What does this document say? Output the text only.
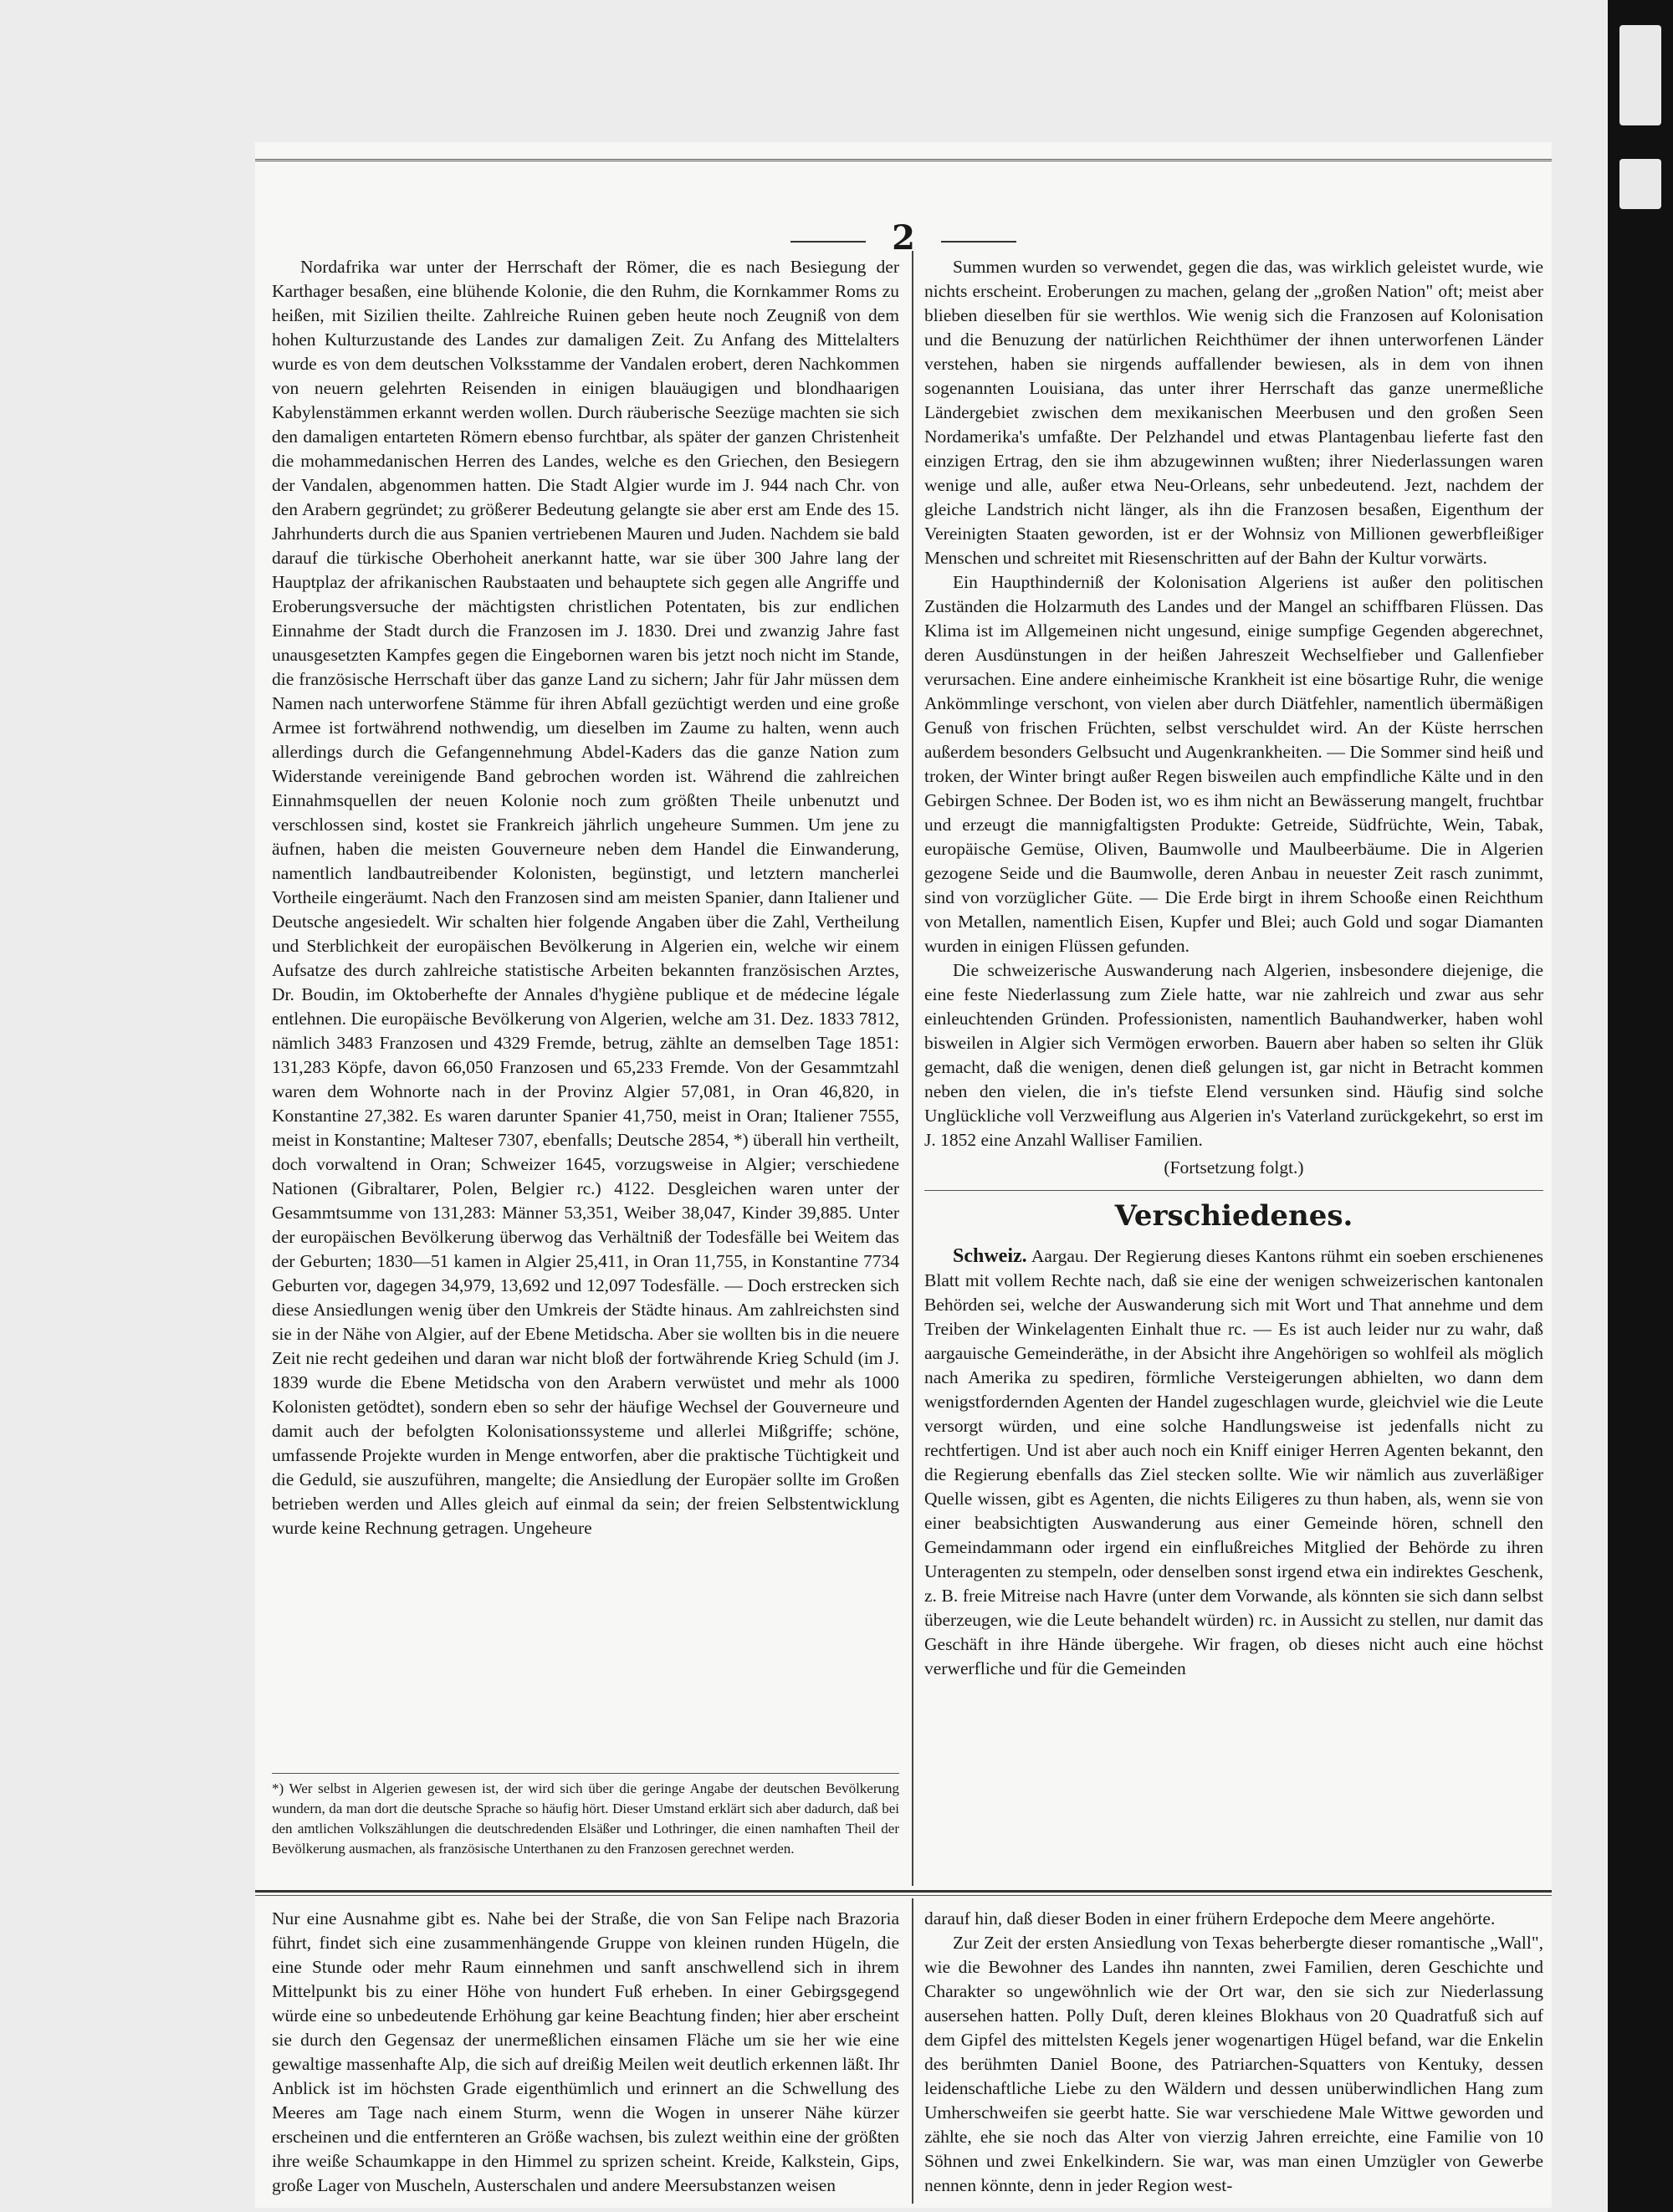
2

Nordafrika war unter der Herrschaft der Römer, die es nach Besiegung der Karthager besaßen, eine blühende Kolonie, die den Ruhm, die Kornkammer Roms zu heißen, mit Sizilien theilte. Zahlreiche Ruinen geben heute noch Zeugniß von dem hohen Kulturzustande des Landes zur damaligen Zeit. Zu Anfang des Mittelalters wurde es von dem deutschen Volksstamme der Vandalen erobert, deren Nachkommen von neuern gelehrten Reisenden in einigen blauäugigen und blondhaarigen Kabylenstämmen erkannt werden wollen. Durch räuberische Seezüge machten sie sich den damaligen entarteten Römern ebenso furchtbar, als später der ganzen Christenheit die mohammedanischen Herren des Landes, welche es den Griechen, den Besiegern der Vandalen, abgenommen hatten. Die Stadt Algier wurde im J. 944 nach Chr. von den Arabern gegründet; zu größerer Bedeutung gelangte sie aber erst am Ende des 15. Jahrhunderts durch die aus Spanien vertriebenen Mauren und Juden. Nachdem sie bald darauf die türkische Oberhoheit anerkannt hatte, war sie über 300 Jahre lang der Hauptplaz der afrikanischen Raubstaaten und behauptete sich gegen alle Angriffe und Eroberungsversuche der mächtigsten christlichen Potentaten, bis zur endlichen Einnahme der Stadt durch die Franzosen im J. 1830. Drei und zwanzig Jahre fast unausgesetzten Kampfes gegen die Eingebornen waren bis jetzt noch nicht im Stande, die französische Herrschaft über das ganze Land zu sichern; Jahr für Jahr müssen dem Namen nach unterworfene Stämme für ihren Abfall gezüchtigt werden und eine große Armee ist fortwährend nothwendig, um dieselben im Zaume zu halten, wenn auch allerdings durch die Gefangennehmung Abdel-Kaders das die ganze Nation zum Widerstande vereinigende Band gebrochen worden ist. Während die zahlreichen Einnahmsquellen der neuen Kolonie noch zum größten Theile unbenutzt und verschlossen sind, kostet sie Frankreich jährlich ungeheure Summen. Um jene zu äufnen, haben die meisten Gouverneure neben dem Handel die Einwanderung, namentlich landbautreibender Kolonisten, begünstigt, und letztern mancherlei Vortheile eingeräumt. Nach den Franzosen sind am meisten Spanier, dann Italiener und Deutsche angesiedelt. Wir schalten hier folgende Angaben über die Zahl, Vertheilung und Sterblichkeit der europäischen Bevölkerung in Algerien ein, welche wir einem Aufsatze des durch zahlreiche statistische Arbeiten bekannten französischen Arztes, Dr. Boudin, im Oktoberhefte der Annales d'hygiène publique et de médecine légale entlehnen. Die europäische Bevölkerung von Algerien, welche am 31. Dez. 1833 7812, nämlich 3483 Franzosen und 4329 Fremde, betrug, zählte an demselben Tage 1851: 131,283 Köpfe, davon 66,050 Franzosen und 65,233 Fremde. Von der Gesammtzahl waren dem Wohnorte nach in der Provinz Algier 57,081, in Oran 46,820, in Konstantine 27,382. Es waren darunter Spanier 41,750, meist in Oran; Italiener 7555, meist in Konstantine; Malteser 7307, ebenfalls; Deutsche 2854, *) überall hin vertheilt, doch vorwaltend in Oran; Schweizer 1645, vorzugsweise in Algier; verschiedene Nationen (Gibraltarer, Polen, Belgier rc.) 4122. Desgleichen waren unter der Gesammtsumme von 131,283: Männer 53,351, Weiber 38,047, Kinder 39,885. Unter der europäischen Bevölkerung überwog das Verhältniß der Todesfälle bei Weitem das der Geburten; 1830—51 kamen in Algier 25,411, in Oran 11,755, in Konstantine 7734 Geburten vor, dagegen 34,979, 13,692 und 12,097 Todesfälle. — Doch erstrecken sich diese Ansiedlungen wenig über den Umkreis der Städte hinaus. Am zahlreichsten sind sie in der Nähe von Algier, auf der Ebene Metidscha. Aber sie wollten bis in die neuere Zeit nie recht gedeihen und daran war nicht bloß der fortwährende Krieg Schuld (im J. 1839 wurde die Ebene Metidscha von den Arabern verwüstet und mehr als 1000 Kolonisten getödtet), sondern eben so sehr der häufige Wechsel der Gouverneure und damit auch der befolgten Kolonisationssysteme und allerlei Mißgriffe; schöne, umfassende Projekte wurden in Menge entworfen, aber die praktische Tüchtigkeit und die Geduld, sie auszuführen, mangelte; die Ansiedlung der Europäer sollte im Großen betrieben werden und Alles gleich auf einmal da sein; der freien Selbstentwicklung wurde keine Rechnung getragen. Ungeheure

*) Wer selbst in Algerien gewesen ist, der wird sich über die geringe Angabe der deutschen Bevölkerung wundern, da man dort die deutsche Sprache so häufig hört. Dieser Umstand erklärt sich aber dadurch, daß bei den amtlichen Volkszählungen die deutschredenden Elsäßer und Lothringer, die einen namhaften Theil der Bevölkerung ausmachen, als französische Unterthanen zu den Franzosen gerechnet werden.

Summen wurden so verwendet, gegen die das, was wirklich geleistet wurde, wie nichts erscheint. Eroberungen zu machen, gelang der „großen Nation" oft; meist aber blieben dieselben für sie werthlos. Wie wenig sich die Franzosen auf Kolonisation und die Benuzung der natürlichen Reichthümer der ihnen unterworfenen Länder verstehen, haben sie nirgends auffallender bewiesen, als in dem von ihnen sogenannten Louisiana, das unter ihrer Herrschaft das ganze unermeßliche Ländergebiet zwischen dem mexikanischen Meerbusen und den großen Seen Nordamerika's umfaßte. Der Pelzhandel und etwas Plantagenbau lieferte fast den einzigen Ertrag, den sie ihm abzugewinnen wußten; ihrer Niederlassungen waren wenige und alle, außer etwa Neu-Orleans, sehr unbedeutend. Jezt, nachdem der gleiche Landstrich nicht länger, als ihn die Franzosen besaßen, Eigenthum der Vereinigten Staaten geworden, ist er der Wohnsiz von Millionen gewerbfleißiger Menschen und schreitet mit Riesenschritten auf der Bahn der Kultur vorwärts.

Ein Haupthinderniß der Kolonisation Algeriens ist außer den politischen Zuständen die Holzarmuth des Landes und der Mangel an schiffbaren Flüssen. Das Klima ist im Allgemeinen nicht ungesund, einige sumpfige Gegenden abgerechnet, deren Ausdünstungen in der heißen Jahreszeit Wechselfieber und Gallenfieber verursachen. Eine andere einheimische Krankheit ist eine bösartige Ruhr, die wenige Ankömmlinge verschont, von vielen aber durch Diätfehler, namentlich übermäßigen Genuß von frischen Früchten, selbst verschuldet wird. An der Küste herrschen außerdem besonders Gelbsucht und Augenkrankheiten. — Die Sommer sind heiß und troken, der Winter bringt außer Regen bisweilen auch empfindliche Kälte und in den Gebirgen Schnee. Der Boden ist, wo es ihm nicht an Bewässerung mangelt, fruchtbar und erzeugt die mannigfaltigsten Produkte: Getreide, Südfrüchte, Wein, Tabak, europäische Gemüse, Oliven, Baumwolle und Maulbeerbäume. Die in Algerien gezogene Seide und die Baumwolle, deren Anbau in neuester Zeit rasch zunimmt, sind von vorzüglicher Güte. — Die Erde birgt in ihrem Schooße einen Reichthum von Metallen, namentlich Eisen, Kupfer und Blei; auch Gold und sogar Diamanten wurden in einigen Flüssen gefunden.

Die schweizerische Auswanderung nach Algerien, insbesondere diejenige, die eine feste Niederlassung zum Ziele hatte, war nie zahlreich und zwar aus sehr einleuchtenden Gründen. Professionisten, namentlich Bauhandwerker, haben wohl bisweilen in Algier sich Vermögen erworben. Bauern aber haben so selten ihr Glük gemacht, daß die wenigen, denen dieß gelungen ist, gar nicht in Betracht kommen neben den vielen, die in's tiefste Elend versunken sind. Häufig sind solche Unglückliche voll Verzweiflung aus Algerien in's Vaterland zurückgekehrt, so erst im J. 1852 eine Anzahl Walliser Familien.

(Fortsetzung folgt.)

Verschiedenes.

Schweiz. Aargau. Der Regierung dieses Kantons rühmt ein soeben erschienenes Blatt mit vollem Rechte nach, daß sie eine der wenigen schweizerischen kantonalen Behörden sei, welche der Auswanderung sich mit Wort und That annehme und dem Treiben der Winkelagenten Einhalt thue rc. — Es ist auch leider nur zu wahr, daß aargauische Gemeinderäthe, in der Absicht ihre Angehörigen so wohlfeil als möglich nach Amerika zu spediren, förmliche Versteigerungen abhielten, wo dann dem wenigstfordernden Agenten der Handel zugeschlagen wurde, gleichviel wie die Leute versorgt würden, und eine solche Handlungsweise ist jedenfalls nicht zu rechtfertigen. Und ist aber auch noch ein Kniff einiger Herren Agenten bekannt, den die Regierung ebenfalls das Ziel stecken sollte. Wie wir nämlich aus zuverläßiger Quelle wissen, gibt es Agenten, die nichts Eiligeres zu thun haben, als, wenn sie von einer beabsichtigten Auswanderung aus einer Gemeinde hören, schnell den Gemeindammann oder irgend ein einflußreiches Mitglied der Behörde zu ihren Unteragenten zu stempeln, oder denselben sonst irgend etwa ein indirektes Geschenk, z. B. freie Mitreise nach Havre (unter dem Vorwande, als könnten sie sich dann selbst überzeugen, wie die Leute behandelt würden) rc. in Aussicht zu stellen, nur damit das Geschäft in ihre Hände übergehe. Wir fragen, ob dieses nicht auch eine höchst verwerfliche und für die Gemeinden

Nur eine Ausnahme gibt es. Nahe bei der Straße, die von San Felipe nach Brazoria führt, findet sich eine zusammenhängende Gruppe von kleinen runden Hügeln, die eine Stunde oder mehr Raum einnehmen und sanft anschwellend sich in ihrem Mittelpunkt bis zu einer Höhe von hundert Fuß erheben. In einer Gebirgsgegend würde eine so unbedeutende Erhöhung gar keine Beachtung finden; hier aber erscheint sie durch den Gegensaz der unermeßlichen einsamen Fläche um sie her wie eine gewaltige massenhafte Alp, die sich auf dreißig Meilen weit deutlich erkennen läßt. Ihr Anblick ist im höchsten Grade eigenthümlich und erinnert an die Schwellung des Meeres am Tage nach einem Sturm, wenn die Wogen in unserer Nähe kürzer erscheinen und die entfernteren an Größe wachsen, bis zulezt weithin eine der größten ihre weiße Schaumkappe in den Himmel zu sprizen scheint. Kreide, Kalkstein, Gips, große Lager von Muscheln, Austerschalen und andere Meersubstanzen weisen

darauf hin, daß dieser Boden in einer frühern Erdepoche dem Meere angehörte.

Zur Zeit der ersten Ansiedlung von Texas beherbergte dieser romantische „Wall", wie die Bewohner des Landes ihn nannten, zwei Familien, deren Geschichte und Charakter so ungewöhnlich wie der Ort war, den sie sich zur Niederlassung ausersehen hatten. Polly Duſt, deren kleines Blokhaus von 20 Quadratfuß sich auf dem Gipfel des mittelsten Kegels jener wogenartigen Hügel befand, war die Enkelin des berühmten Daniel Boone, des Patriarchen-Squatters von Kentuky, dessen leidenschaftliche Liebe zu den Wäldern und dessen unüberwindlichen Hang zum Umherschweifen sie geerbt hatte. Sie war verschiedene Male Wittwe geworden und zählte, ehe sie noch das Alter von vierzig Jahren erreichte, eine Familie von 10 Söhnen und zwei Enkelkindern. Sie war, was man einen Umzügler von Gewerbe nennen könnte, denn in jeder Region west-
